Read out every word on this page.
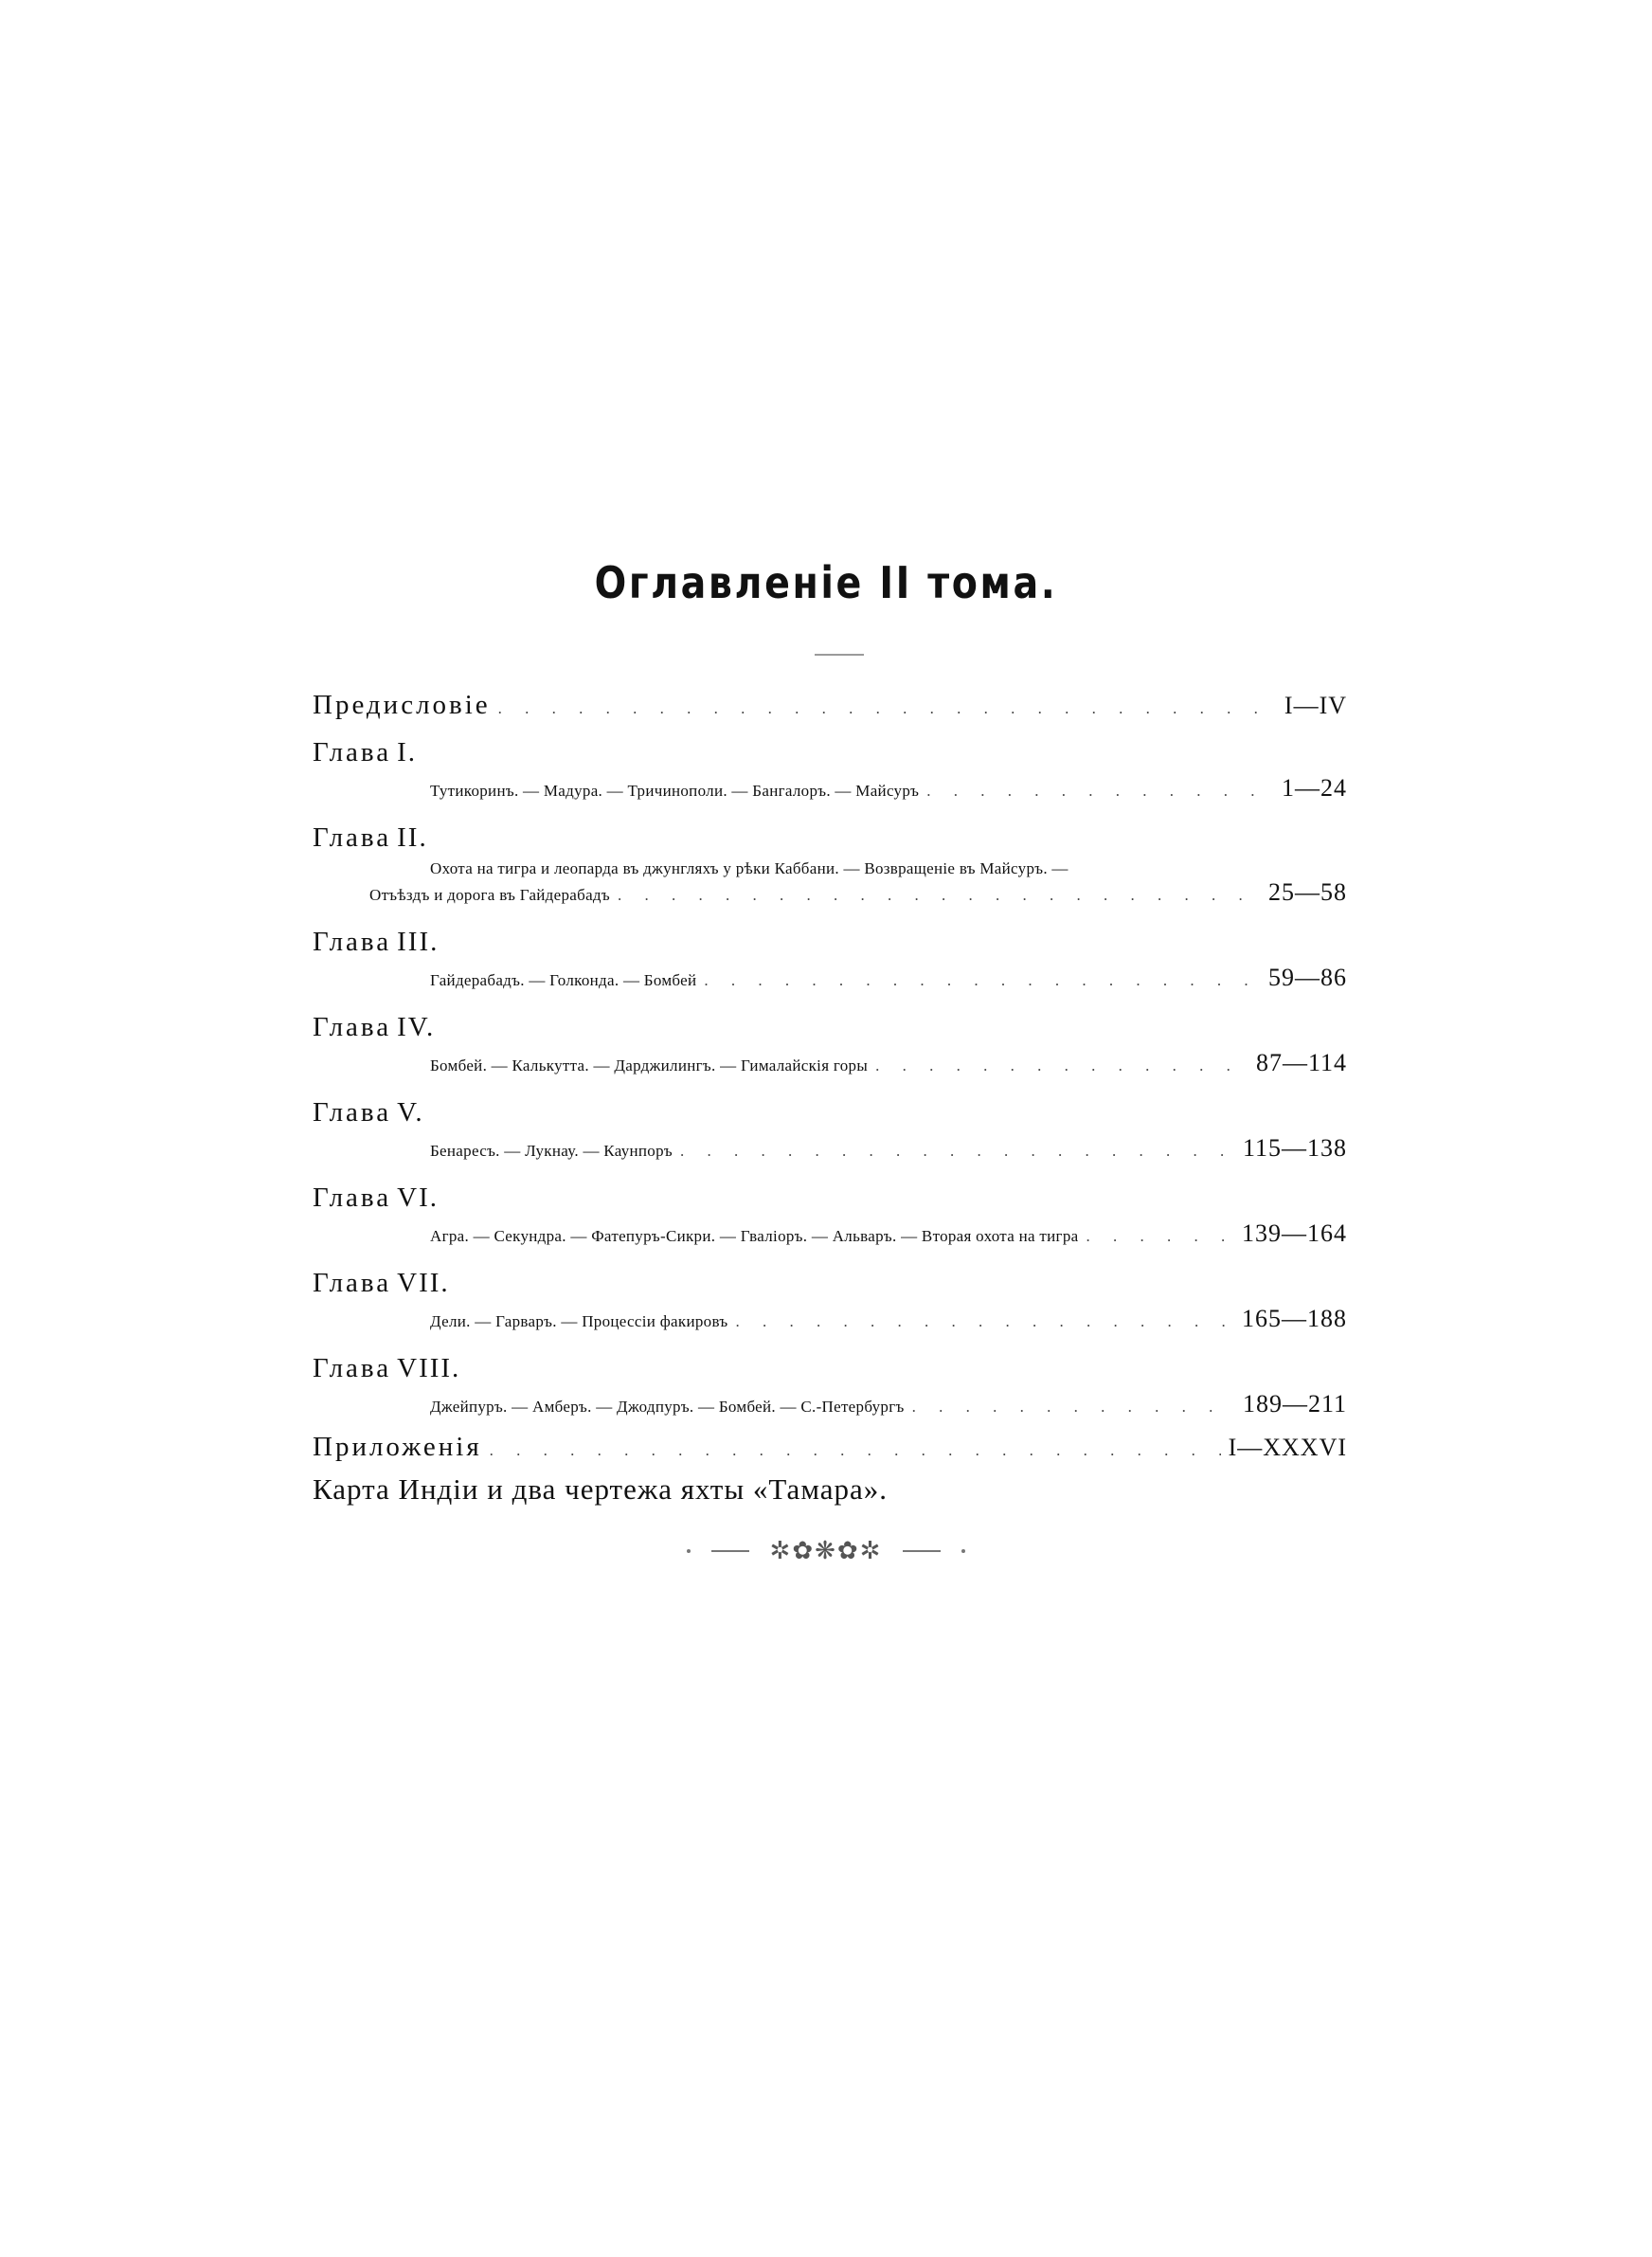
Оглавленiе II тома.
Предисловiе . . .	I—IV
Глава I.
Тутикоринъ. — Мадура. — Тричинополи. — Бангалоръ. — Майсуръ . . .	1—24
Глава II.
Охота на тигра и леопарда въ джунгляхъ у рѣки Каббани. — Возвращенiе въ Майсуръ. —
Отъѣздъ и дорога въ Гайдерабадъ . . .	25—58
Глава III.
Гайдерабадъ. — Голконда. — Бомбей . . .	59—86
Глава IV.
Бомбей. — Калькутта. — Дарджилингъ. — Гималайскiя горы . . .	87—114
Глава V.
Бенаресъ. — Лукнау. — Каунпоръ . . .	115—138
Глава VI.
Агра. — Секундра. — Фатепуръ-Сикри. — Гвалiоръ. — Альваръ. — Вторая охота на тигра . . .	139—164
Глава VII.
Дели. — Гарваръ. — Процессiи факировъ . . .	165—188
Глава VIII.
Джейпуръ. — Амберъ. — Джодпуръ. — Бомбей. — С.-Петербургъ . . .	189—211
Приложенiя . . .	I—XXXVI
Карта Индiи и два чертежа яхты «Тамара».
✲✿❋✿✲
